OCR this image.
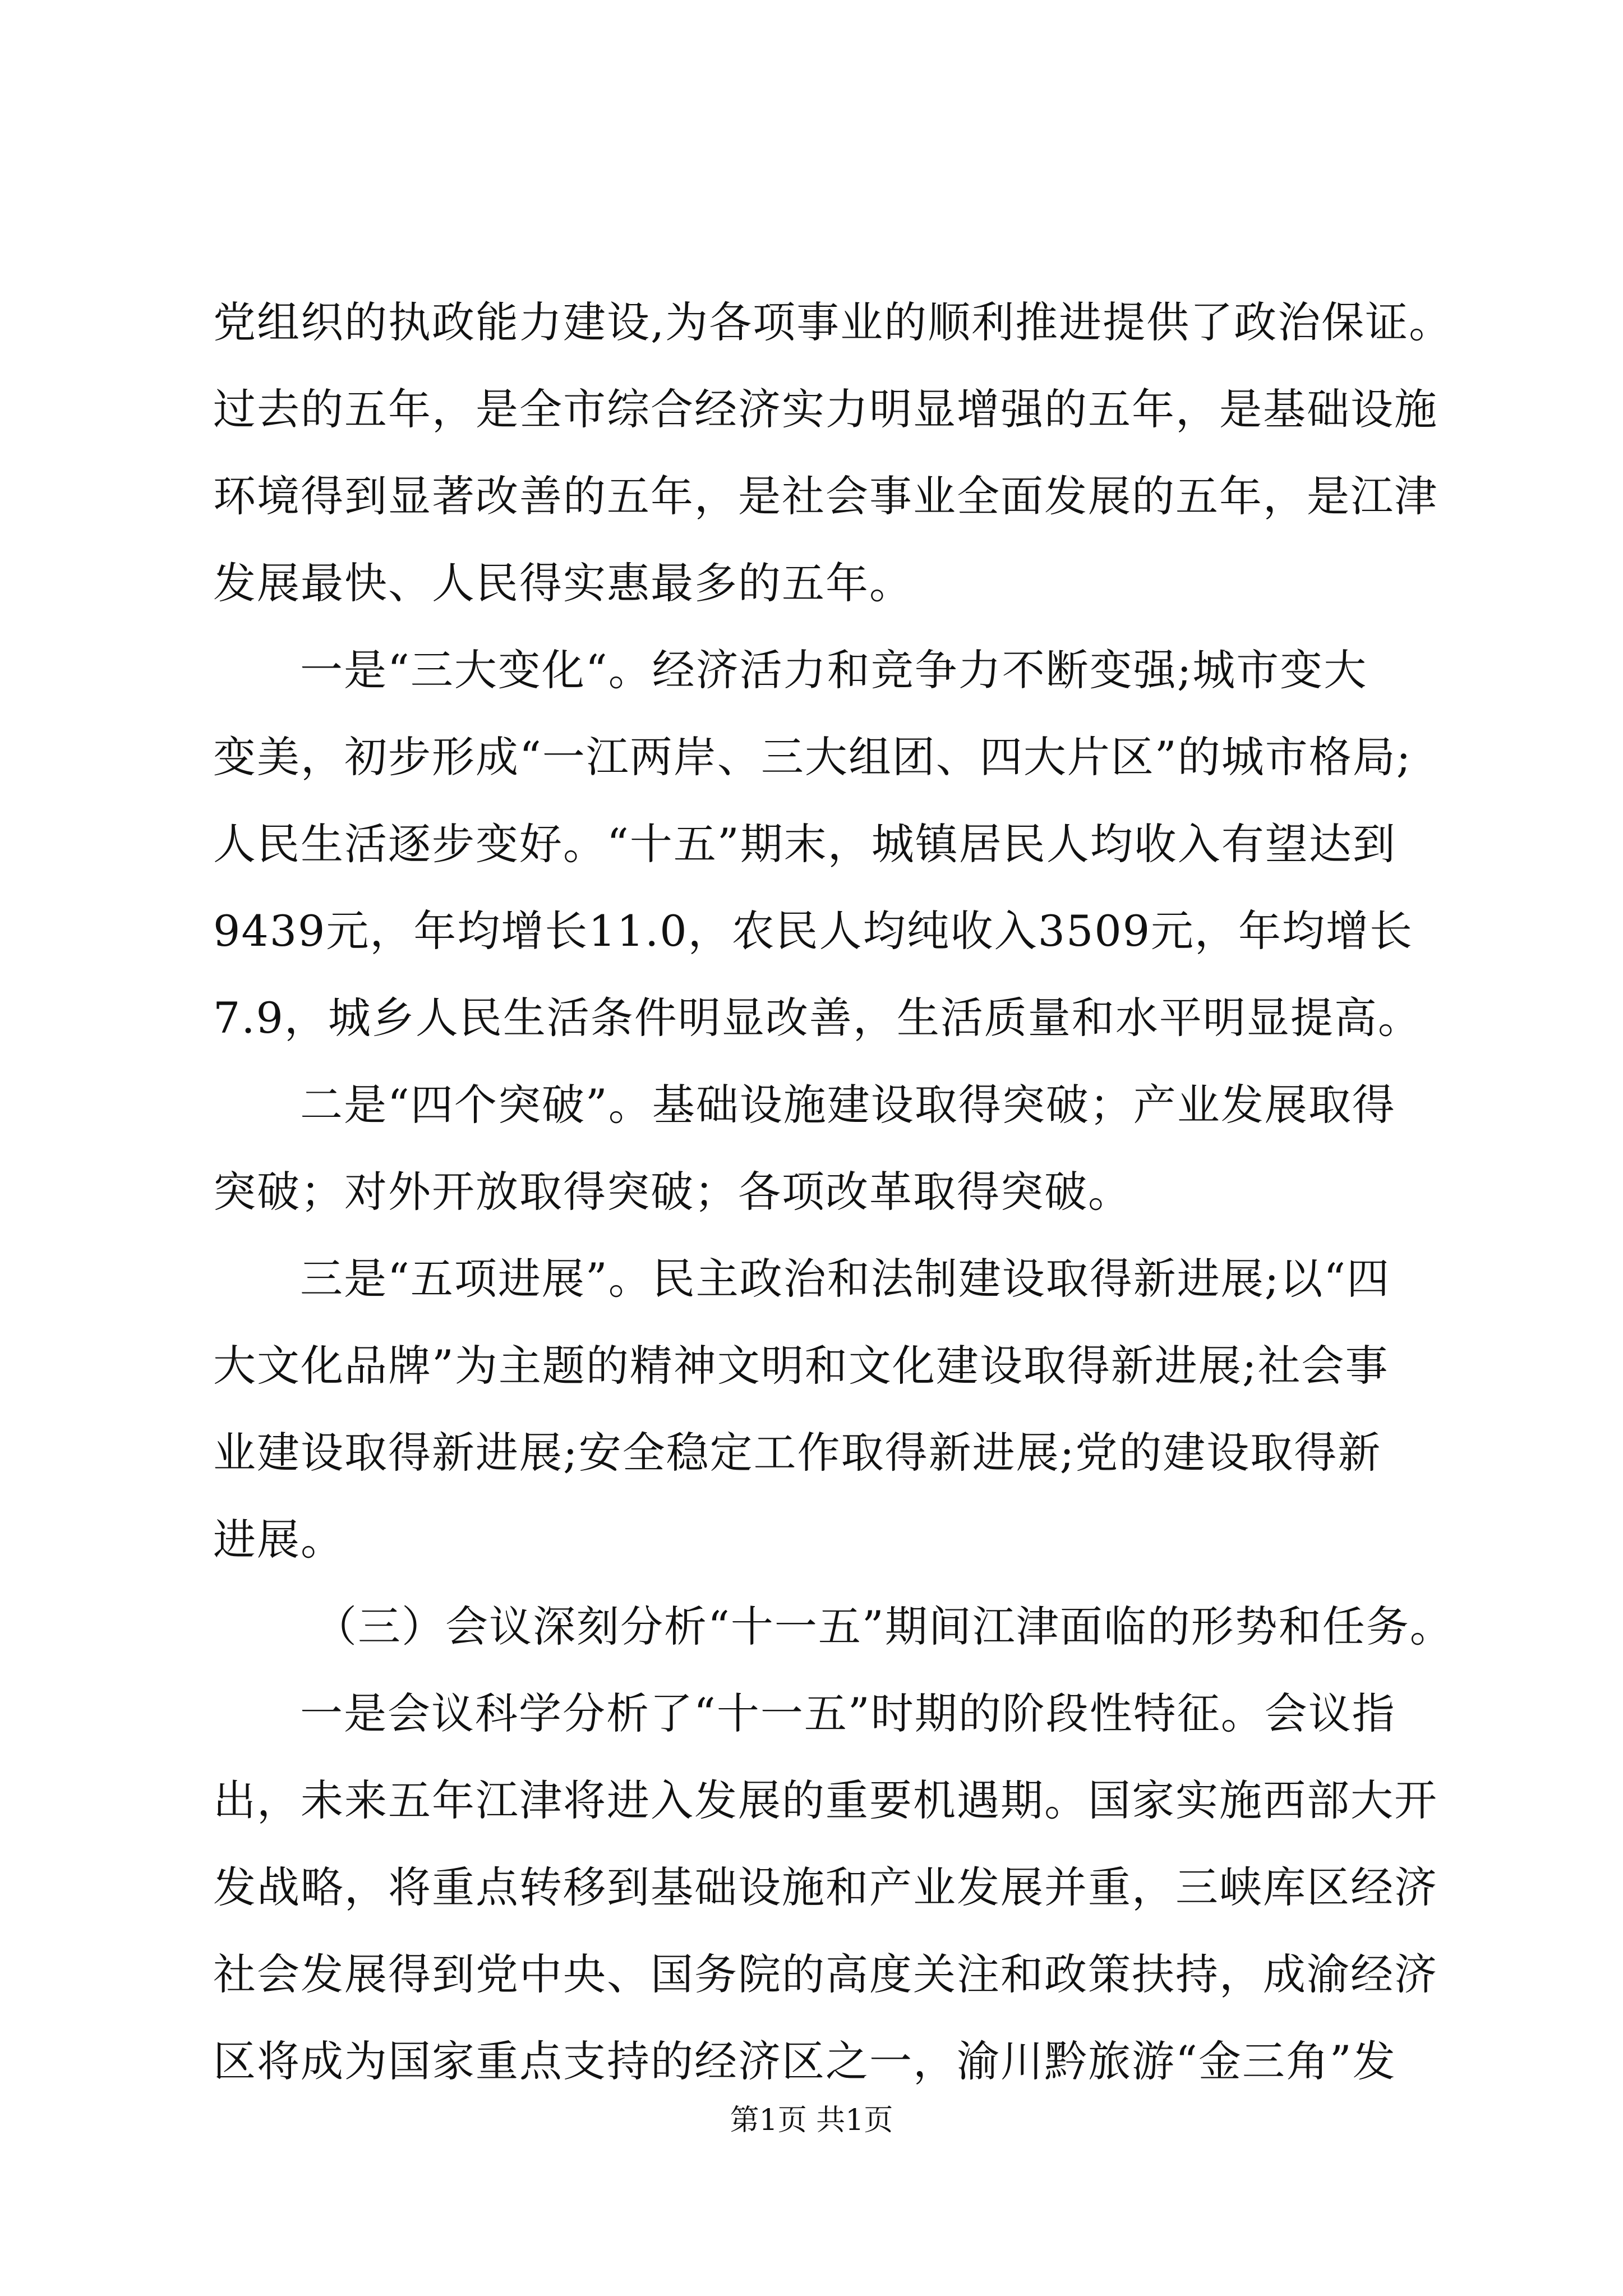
党组织的执政能力建设,为各项事业的顺利推进提供了政治保证。

过去的五年，是全市综合经济实力明显增强的五年，是基础设施

环境得到显著改善的五年，是社会事业全面发展的五年，是江津

发展最快、人民得实惠最多的五年。

一是“三大变化“。经济活力和竞争力不断变强;城市变大

变美，初步形成“一江两岸、三大组团、四大片区”的城市格局;

人民生活逐步变好。“十五”期末，城镇居民人均收入有望达到

9439元，年均增长11.0，农民人均纯收入3509元，年均增长

7.9，城乡人民生活条件明显改善，生活质量和水平明显提高。

二是“四个突破”。基础设施建设取得突破；产业发展取得

突破；对外开放取得突破；各项改革取得突破。

三是“五项进展”。民主政治和法制建设取得新进展;以“四

大文化品牌”为主题的精神文明和文化建设取得新进展;社会事

业建设取得新进展;安全稳定工作取得新进展;党的建设取得新

进展。

（三）会议深刻分析“十一五”期间江津面临的形势和任务。

一是会议科学分析了“十一五”时期的阶段性特征。会议指

出，未来五年江津将进入发展的重要机遇期。国家实施西部大开

发战略，将重点转移到基础设施和产业发展并重，三峡库区经济

社会发展得到党中央、国务院的高度关注和政策扶持，成渝经济

区将成为国家重点支持的经济区之一，渝川黔旅游“金三角”发

第1页 共1页
